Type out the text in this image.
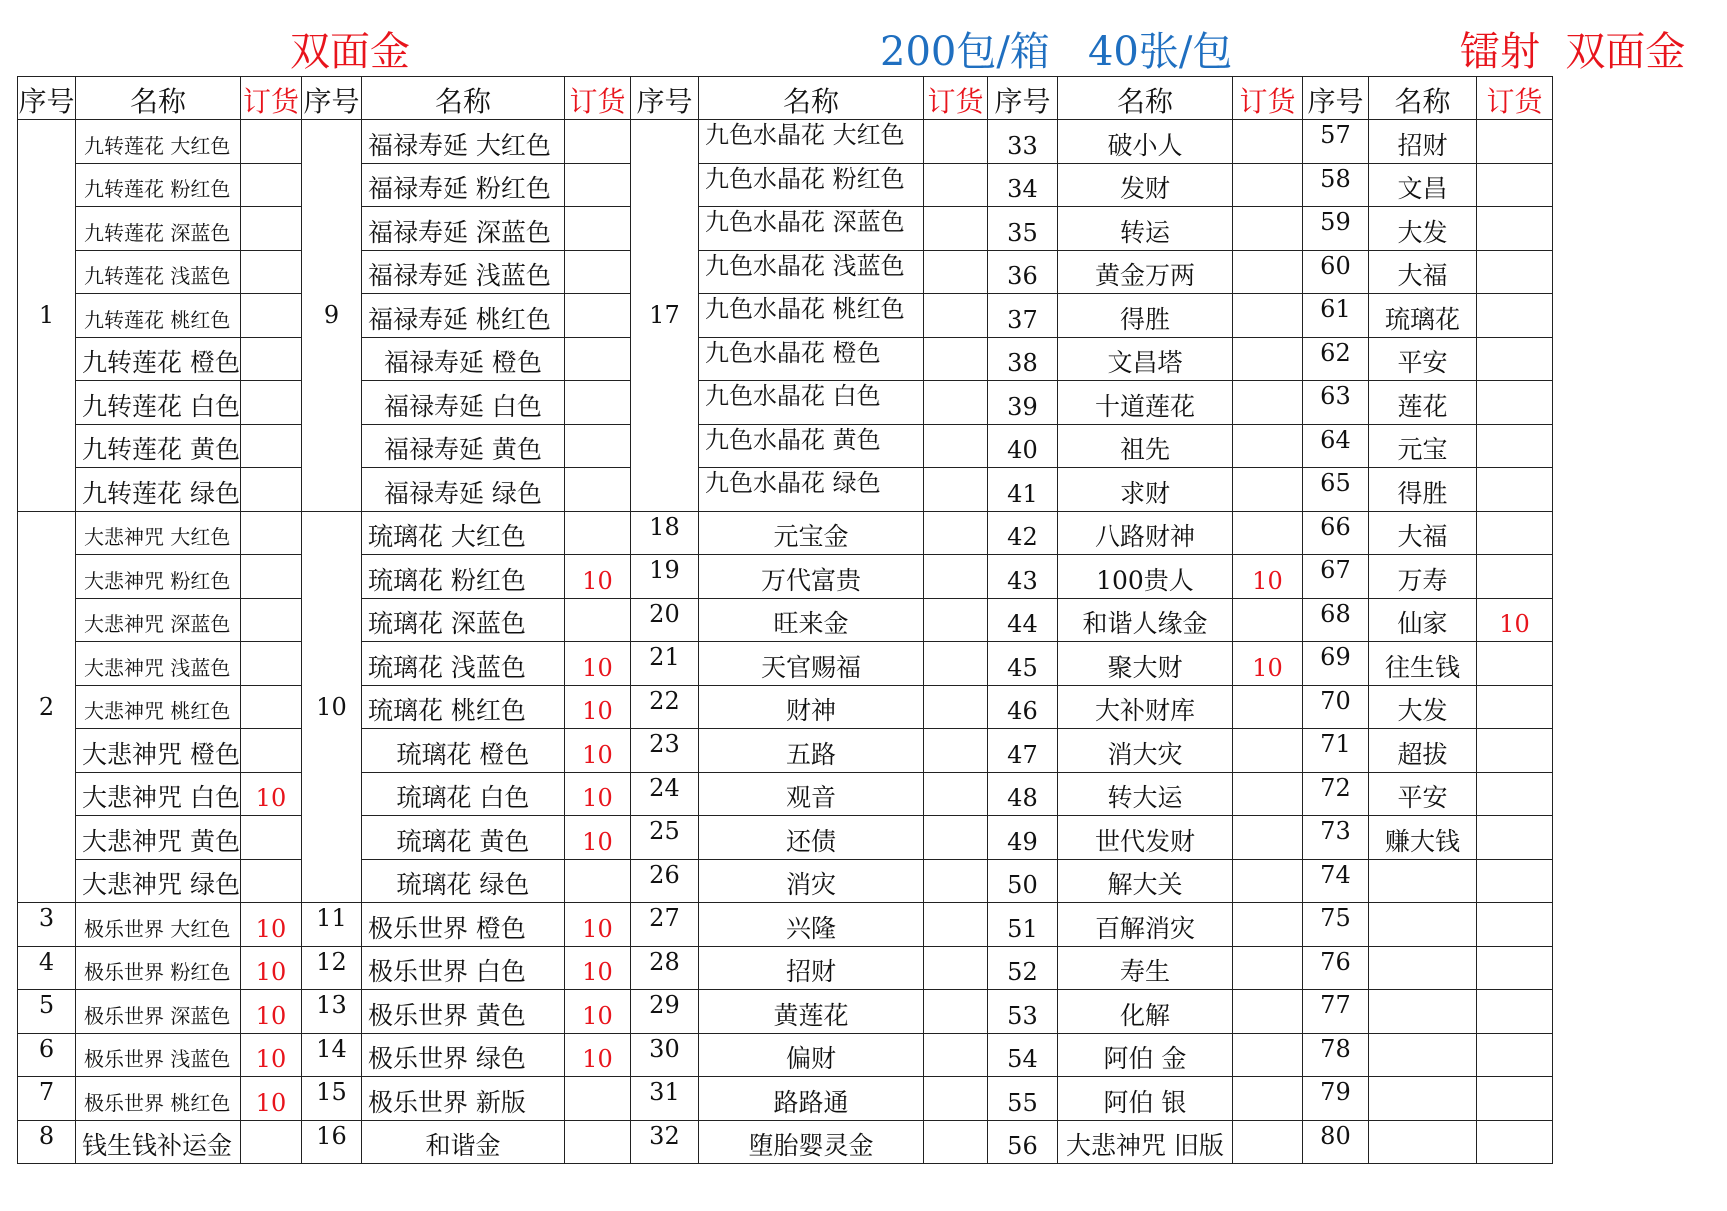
双面金	200包/箱   40张/包	镭射  双面金
序号	名称	订货	序号	名称	订货	序号	名称	订货	序号	名称	订货	序号	名称	订货
1	九转莲花 大红色		9	福禄寿延 大红色		17	九色水晶花 大红色		33	破小人		57	招财	
	九转莲花 粉红色			福禄寿延 粉红色			九色水晶花 粉红色		34	发财		58	文昌	
	九转莲花 深蓝色			福禄寿延 深蓝色			九色水晶花 深蓝色		35	转运		59	大发	
	九转莲花 浅蓝色			福禄寿延 浅蓝色			九色水晶花 浅蓝色		36	黄金万两		60	大福	
	九转莲花 桃红色			福禄寿延 桃红色			九色水晶花 桃红色		37	得胜		61	琉璃花	
	九转莲花 橙色			福禄寿延 橙色			九色水晶花 橙色		38	文昌塔		62	平安	
	九转莲花 白色			福禄寿延 白色			九色水晶花 白色		39	十道莲花		63	莲花	
	九转莲花 黄色			福禄寿延 黄色			九色水晶花 黄色		40	祖先		64	元宝	
	九转莲花 绿色			福禄寿延 绿色			九色水晶花 绿色		41	求财		65	得胜	
2	大悲神咒 大红色		10	琉璃花 大红色		18	元宝金		42	八路财神		66	大福	
	大悲神咒 粉红色			琉璃花 粉红色	10	19	万代富贵		43	100贵人	10	67	万寿	
	大悲神咒 深蓝色			琉璃花 深蓝色		20	旺来金		44	和谐人缘金		68	仙家	10
	大悲神咒 浅蓝色			琉璃花 浅蓝色	10	21	天官赐福		45	聚大财	10	69	往生钱	
	大悲神咒 桃红色			琉璃花 桃红色	10	22	财神		46	大补财库		70	大发	
	大悲神咒 橙色			琉璃花 橙色	10	23	五路		47	消大灾		71	超拔	
	大悲神咒 白色	10		琉璃花 白色	10	24	观音		48	转大运		72	平安	
	大悲神咒 黄色			琉璃花 黄色	10	25	还债		49	世代发财		73	赚大钱	
	大悲神咒 绿色			琉璃花 绿色		26	消灾		50	解大关		74		
3	极乐世界 大红色	10	11	极乐世界 橙色	10	27	兴隆		51	百解消灾		75		
4	极乐世界 粉红色	10	12	极乐世界 白色	10	28	招财		52	寿生		76		
5	极乐世界 深蓝色	10	13	极乐世界 黄色	10	29	黄莲花		53	化解		77		
6	极乐世界 浅蓝色	10	14	极乐世界 绿色	10	30	偏财		54	阿伯 金		78		
7	极乐世界 桃红色	10	15	极乐世界 新版		31	路路通		55	阿伯 银		79		
8	钱生钱补运金		16	和谐金		32	堕胎婴灵金		56	大悲神咒 旧版		80		
